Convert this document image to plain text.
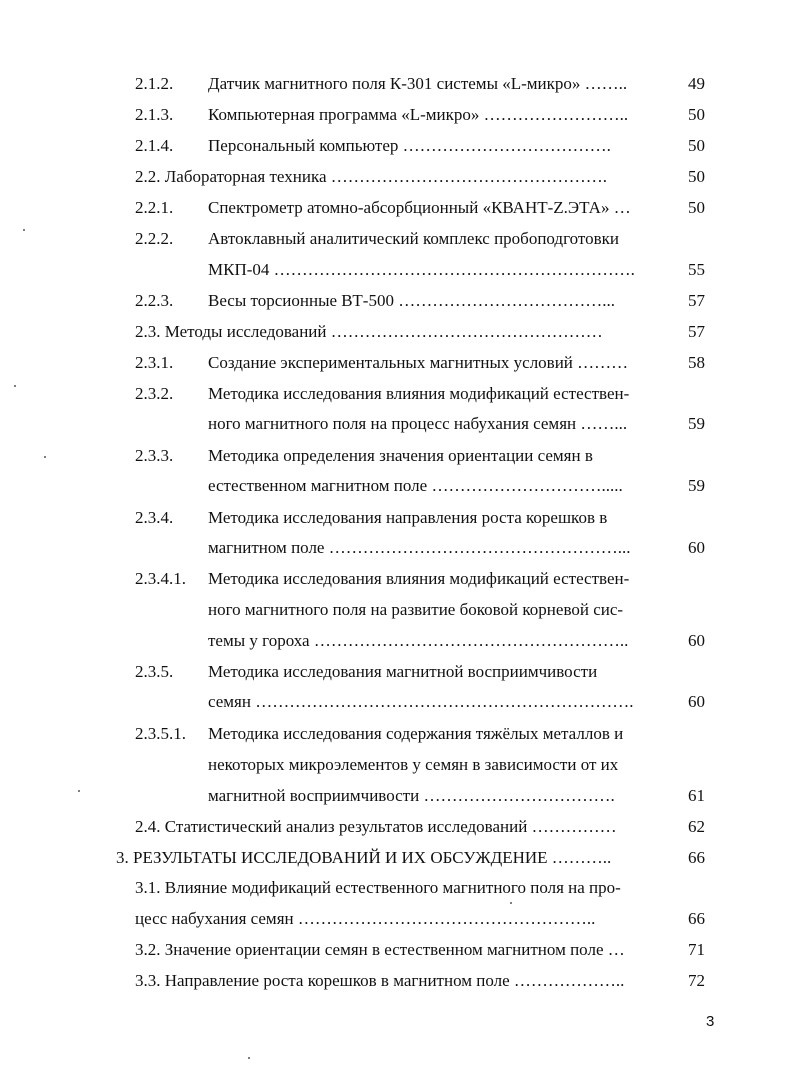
2.1.2. Датчик магнитного поля К-301 системы «L-микро» ……..	49
2.1.3. Компьютерная программа «L-микро» ……………………..	50
2.1.4. Персональный компьютер ……………………………….	50
2.2. Лабораторная техника ………………………………………….	50
2.2.1. Спектрометр атомно-абсорбционный «КВАНТ-Z.ЭТА» …	50
2.2.2. Автоклавный аналитический комплекс пробоподготовки
МКП-04 ……………………………………………………….	55
2.2.3. Весы торсионные ВТ-500 ………………………………...	57
2.3. Методы исследований …………………………………………	57
2.3.1. Создание экспериментальных магнитных условий ………	58
2.3.2. Методика исследования влияния модификаций естествен-
ного магнитного поля на процесс набухания семян ……...	59
2.3.3. Методика определения значения ориентации семян в
естественном магнитном поле ………………………….....	59
2.3.4. Методика исследования направления роста корешков в
магнитном поле ……………………………………………...	60
2.3.4.1. Методика исследования влияния модификаций естествен-
ного магнитного поля на развитие боковой корневой сис-
темы у гороха ………………………………………………..	60
2.3.5. Методика исследования магнитной восприимчивости
семян ………………………………………………………….	60
2.3.5.1. Методика исследования содержания тяжёлых металлов и
некоторых микроэлементов у семян в зависимости от их
магнитной восприимчивости …………………………….	61
2.4. Статистический анализ результатов исследований ……………	62
3. РЕЗУЛЬТАТЫ ИССЛЕДОВАНИЙ И ИХ ОБСУЖДЕНИЕ ………..	66
3.1. Влияние модификаций естественного магнитного поля на про-
цесс набухания семян ……………………………………………..	66
3.2. Значение ориентации семян в естественном магнитном поле …	71
3.3. Направление роста корешков в магнитном поле ………………..	72
3
